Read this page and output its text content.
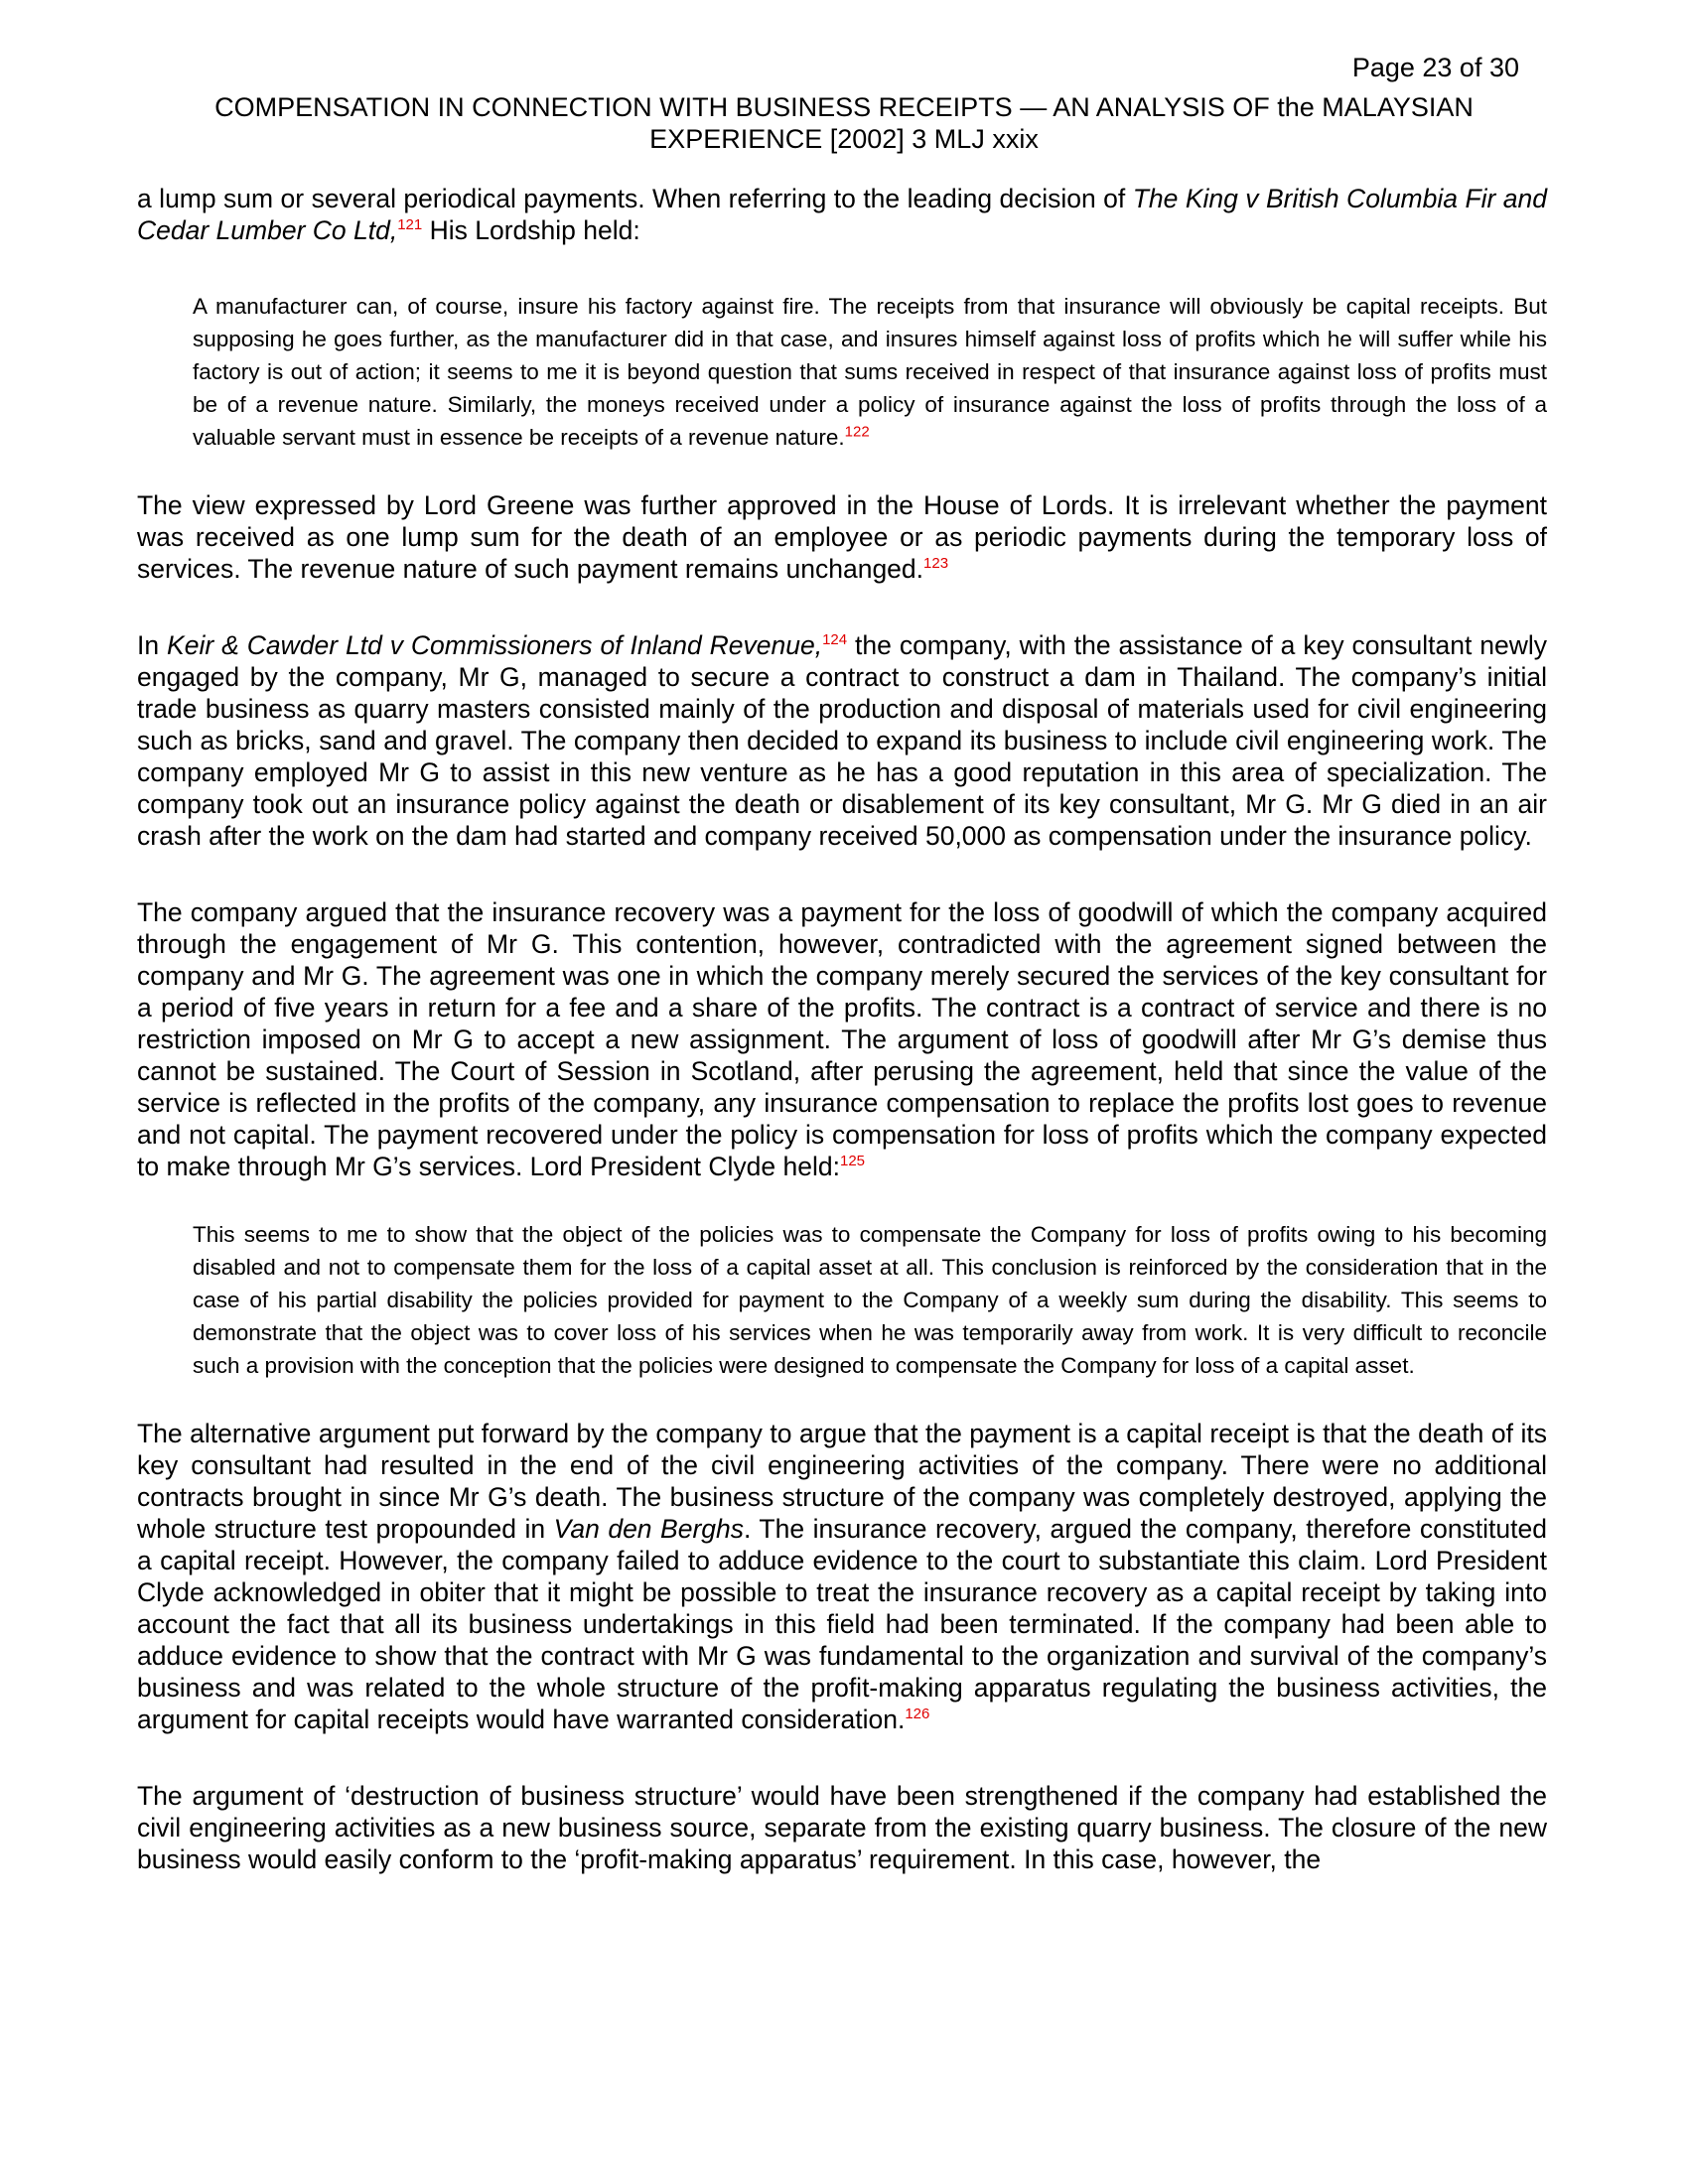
Page 23 of 30
COMPENSATION IN CONNECTION WITH BUSINESS RECEIPTS — AN ANALYSIS OF the MALAYSIAN
EXPERIENCE [2002] 3 MLJ xxix

a lump sum or several periodical payments. When referring to the leading decision of The King v British Columbia Fir and Cedar Lumber Co Ltd,$^{121}$ His Lordship held:

A manufacturer can, of course, insure his factory against fire. The receipts from that insurance will obviously be capital receipts. But supposing he goes further, as the manufacturer did in that case, and insures himself against loss of profits which he will suffer while his factory is out of action; it seems to me it is beyond question that sums received in respect of that insurance against loss of profits must be of a revenue nature. Similarly, the moneys received under a policy of insurance against the loss of profits through the loss of a valuable servant must in essence be receipts of a revenue nature.$^{122}$

The view expressed by Lord Greene was further approved in the House of Lords. It is irrelevant whether the payment was received as one lump sum for the death of an employee or as periodic payments during the temporary loss of services. The revenue nature of such payment remains unchanged.$^{123}$

In Keir & Cawder Ltd v Commissioners of Inland Revenue,$^{124}$ the company, with the assistance of a key consultant newly engaged by the company, Mr G, managed to secure a contract to construct a dam in Thailand. The company’s initial trade business as quarry masters consisted mainly of the production and disposal of materials used for civil engineering such as bricks, sand and gravel. The company then decided to expand its business to include civil engineering work. The company employed Mr G to assist in this new venture as he has a good reputation in this area of specialization. The company took out an insurance policy against the death or disablement of its key consultant, Mr G. Mr G died in an air crash after the work on the dam had started and company received 50,000 as compensation under the insurance policy.

The company argued that the insurance recovery was a payment for the loss of goodwill of which the company acquired through the engagement of Mr G. This contention, however, contradicted with the agreement signed between the company and Mr G. The agreement was one in which the company merely secured the services of the key consultant for a period of five years in return for a fee and a share of the profits. The contract is a contract of service and there is no restriction imposed on Mr G to accept a new assignment. The argument of loss of goodwill after Mr G’s demise thus cannot be sustained. The Court of Session in Scotland, after perusing the agreement, held that since the value of the service is reflected in the profits of the company, any insurance compensation to replace the profits lost goes to revenue and not capital. The payment recovered under the policy is compensation for loss of profits which the company expected to make through Mr G’s services. Lord President Clyde held:$^{125}$

This seems to me to show that the object of the policies was to compensate the Company for loss of profits owing to his becoming disabled and not to compensate them for the loss of a capital asset at all. This conclusion is reinforced by the consideration that in the case of his partial disability the policies provided for payment to the Company of a weekly sum during the disability. This seems to demonstrate that the object was to cover loss of his services when he was temporarily away from work. It is very difficult to reconcile such a provision with the conception that the policies were designed to compensate the Company for loss of a capital asset.

The alternative argument put forward by the company to argue that the payment is a capital receipt is that the death of its key consultant had resulted in the end of the civil engineering activities of the company. There were no additional contracts brought in since Mr G’s death. The business structure of the company was completely destroyed, applying the whole structure test propounded in Van den Berghs. The insurance recovery, argued the company, therefore constituted a capital receipt. However, the company failed to adduce evidence to the court to substantiate this claim. Lord President Clyde acknowledged in obiter that it might be possible to treat the insurance recovery as a capital receipt by taking into account the fact that all its business undertakings in this field had been terminated. If the company had been able to adduce evidence to show that the contract with Mr G was fundamental to the organization and survival of the company’s business and was related to the whole structure of the profit-making apparatus regulating the business activities, the argument for capital receipts would have warranted consideration.$^{126}$

The argument of ‘destruction of business structure’ would have been strengthened if the company had established the civil engineering activities as a new business source, separate from the existing quarry business. The closure of the new business would easily conform to the ‘profit-making apparatus’ requirement. In this case, however, the
